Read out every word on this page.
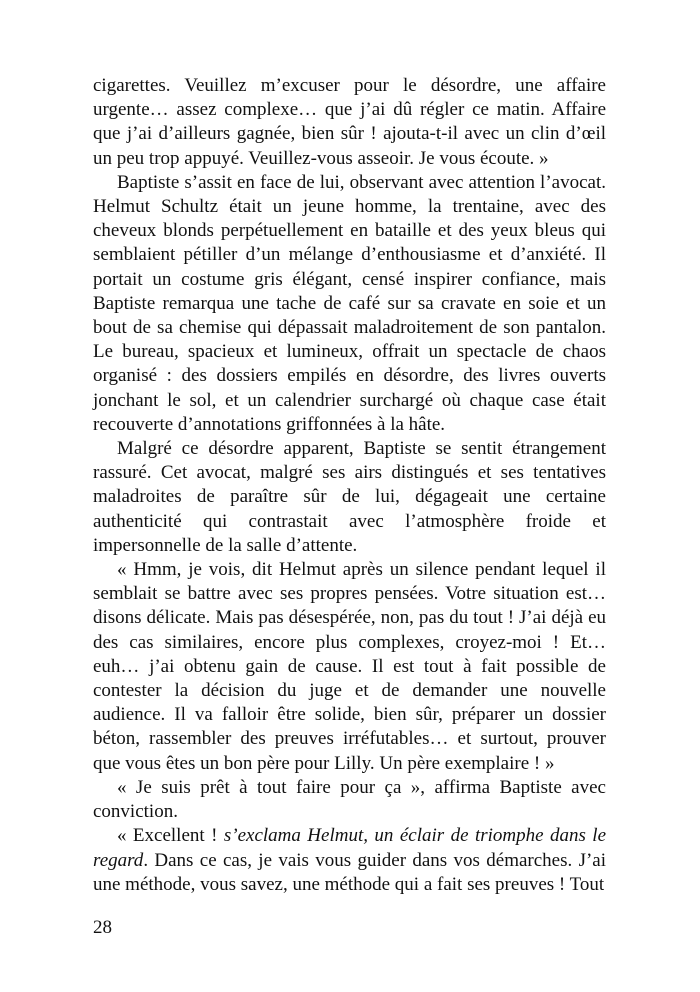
cigarettes. Veuillez m’excuser pour le désordre, une affaire urgente… assez complexe… que j’ai dû régler ce matin. Affaire que j’ai d’ailleurs gagnée, bien sûr ! ajouta-t-il avec un clin d’œil un peu trop appuyé. Veuillez-vous asseoir. Je vous écoute. »

Baptiste s’assit en face de lui, observant avec attention l’avocat. Helmut Schultz était un jeune homme, la trentaine, avec des cheveux blonds perpétuellement en bataille et des yeux bleus qui semblaient pétiller d’un mélange d’enthousiasme et d’anxiété. Il portait un costume gris élégant, censé inspirer confiance, mais Baptiste remarqua une tache de café sur sa cravate en soie et un bout de sa chemise qui dépassait maladroitement de son pantalon. Le bureau, spacieux et lumineux, offrait un spectacle de chaos organisé : des dossiers empilés en désordre, des livres ouverts jonchant le sol, et un calendrier surchargé où chaque case était recouverte d’annotations griffonnées à la hâte.

Malgré ce désordre apparent, Baptiste se sentit étrangement rassuré. Cet avocat, malgré ses airs distingués et ses tentatives maladroites de paraître sûr de lui, dégageait une certaine authenticité qui contrastait avec l’atmosphère froide et impersonnelle de la salle d’attente.

« Hmm, je vois, dit Helmut après un silence pendant lequel il semblait se battre avec ses propres pensées. Votre situation est… disons délicate. Mais pas désespérée, non, pas du tout ! J’ai déjà eu des cas similaires, encore plus complexes, croyez-moi ! Et… euh… j’ai obtenu gain de cause. Il est tout à fait possible de contester la décision du juge et de demander une nouvelle audience. Il va falloir être solide, bien sûr, préparer un dossier béton, rassembler des preuves irréfutables… et surtout, prouver que vous êtes un bon père pour Lilly. Un père exemplaire ! »

« Je suis prêt à tout faire pour ça », affirma Baptiste avec conviction.

« Excellent ! s’exclama Helmut, un éclair de triomphe dans le regard. Dans ce cas, je vais vous guider dans vos démarches. J’ai une méthode, vous savez, une méthode qui a fait ses preuves ! Tout

28
